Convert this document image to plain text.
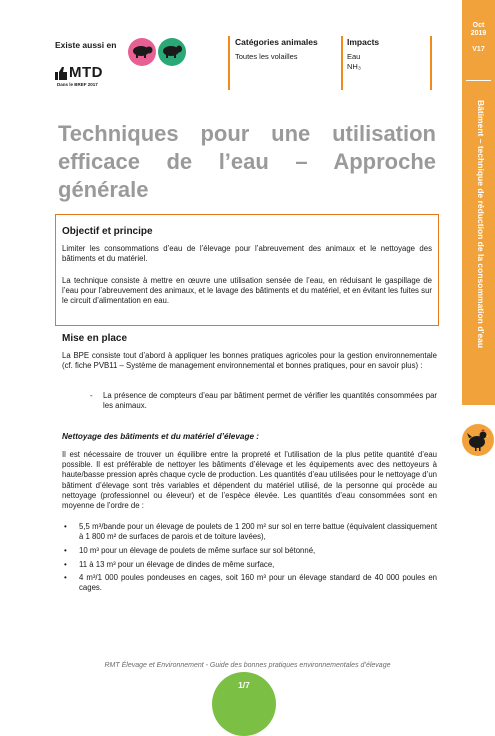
Existe aussi en
MTD
Dans le BREF 2017
Catégories animales
Toutes les volailles
Impacts
Eau
NH₃
Oct
2019
V17
Bâtiment – technique de réduction de la consommation d'eau
Techniques pour une utilisation efficace de l’eau – Approche générale
Objectif et principe
Limiter les consommations d’eau de l’élevage pour l’abreuvement des animaux et le nettoyage des bâtiments et du matériel.
La technique consiste à mettre en œuvre une utilisation sensée de l’eau, en réduisant le gaspillage de l’eau pour l’abreuvement des animaux, et le lavage des bâtiments et du matériel, et en évitant les fuites sur le circuit d’alimentation en eau.
Mise en place
La BPE consiste tout d’abord à appliquer les bonnes pratiques agricoles pour la gestion environnementale (cf. fiche PVB11 – Système de management environnemental et bonnes pratiques, pour en savoir plus) :
- La présence de compteurs d’eau par bâtiment permet de vérifier les quantités consommées par les animaux.
Nettoyage des bâtiments et du matériel d’élevage :
Il est nécessaire de trouver un équilibre entre la propreté et l’utilisation de la plus petite quantité d’eau possible. Il est préférable de nettoyer les bâtiments d’élevage et les équipements avec des nettoyeurs à haute/basse pression après chaque cycle de production. Les quantités d’eau utilisées pour le nettoyage d’un bâtiment d’élevage sont très variables et dépendent du matériel utilisé, de la personne qui procède au nettoyage (professionnel ou éleveur) et de l’espèce élevée. Les quantités d’eau consommées sont en moyenne de l’ordre de :
• 5,5 m³/bande pour un élevage de poulets de 1 200 m² sur sol en terre battue (équivalent classiquement à 1 800 m² de surfaces de parois et de toiture lavées),
• 10 m³ pour un élevage de poulets de même surface sur sol bétonné,
• 11 à 13 m³ pour un élevage de dindes de même surface,
• 4 m³/1 000 poules pondeuses en cages, soit 160 m³ pour un élevage standard de 40 000 poules en cages.
RMT Élevage et Environnement - Guide des bonnes pratiques environnementales d’élevage
1/7
